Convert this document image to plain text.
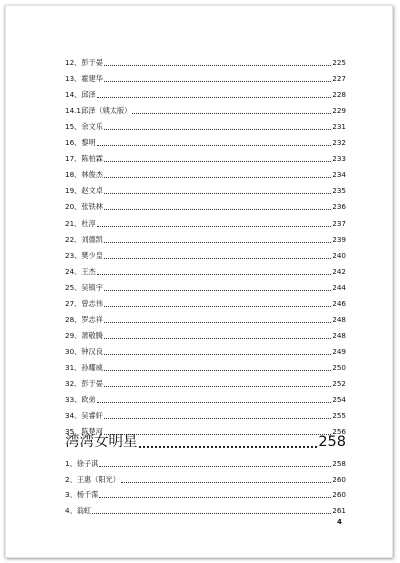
12、彭于晏	225
13、霍建华	227
14、邱泽	228
14.1邱泽（姨太版）	229
15、余文乐	231
16、黎明	232
17、陈柏霖	233
18、林俊杰	234
19、赵文卓	235
20、张铁林	236
21、杜淳	237
22、刘德凯	239
23、樊少皇	240
24、王杰	242
25、吴镇宇	244
27、曾志伟	246
28、罗志祥	248
29、萧敬腾	248
30、钟汉良	249
31、孙耀威	250
32、彭于晏	252
33、欧弟	254
34、吴睿轩	255
35、陈楚河	256
湾湾女明星	258
1、徐子淇	258
2、王惠（阳光）	260
3、杨千霈	260
4、翁虹	261
4
